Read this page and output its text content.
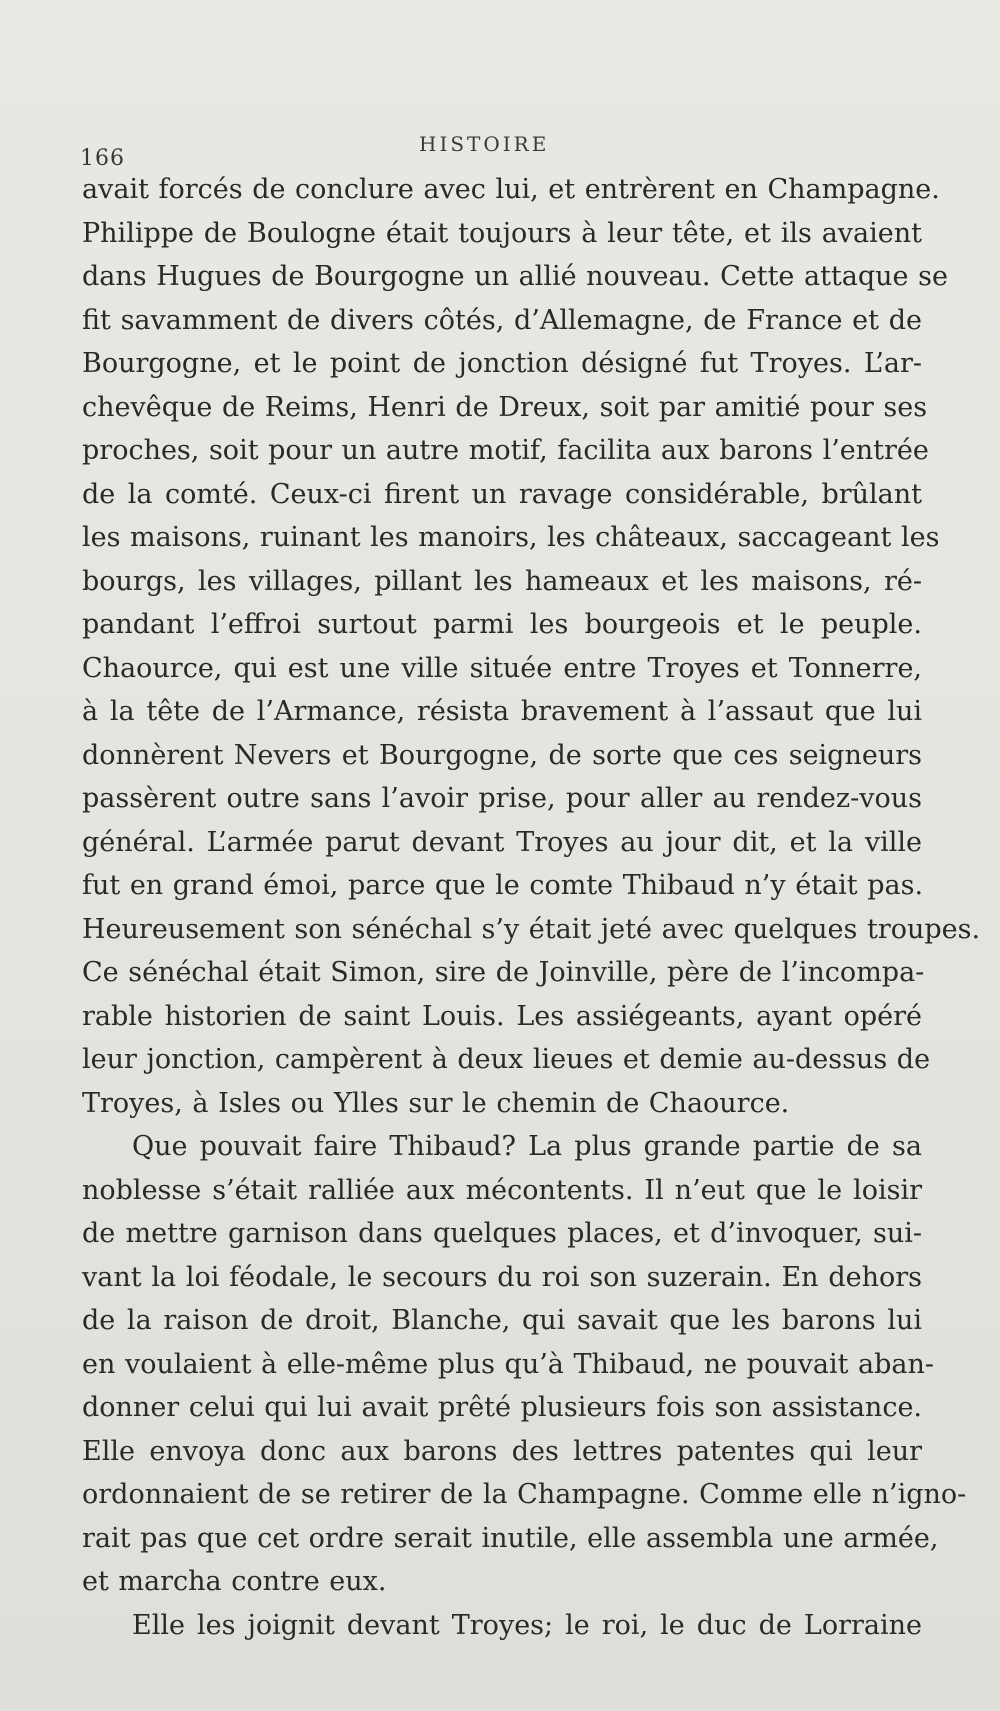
166
HISTOIRE
avait forcés de conclure avec lui, et entrèrent en Champagne.
Philippe de Boulogne était toujours à leur tête, et ils avaient
dans Hugues de Bourgogne un allié nouveau. Cette attaque se
fit savamment de divers côtés, d’Allemagne, de France et de
Bourgogne, et le point de jonction désigné fut Troyes. L’ar-
chevêque de Reims, Henri de Dreux, soit par amitié pour ses
proches, soit pour un autre motif, facilita aux barons l’entrée
de la comté. Ceux-ci firent un ravage considérable, brûlant
les maisons, ruinant les manoirs, les châteaux, saccageant les
bourgs, les villages, pillant les hameaux et les maisons, ré-
pandant l’effroi surtout parmi les bourgeois et le peuple.
Chaource, qui est une ville située entre Troyes et Tonnerre,
à la tête de l’Armance, résista bravement à l’assaut que lui
donnèrent Nevers et Bourgogne, de sorte que ces seigneurs
passèrent outre sans l’avoir prise, pour aller au rendez-vous
général. L’armée parut devant Troyes au jour dit, et la ville
fut en grand émoi, parce que le comte Thibaud n’y était pas.
Heureusement son sénéchal s’y était jeté avec quelques troupes.
Ce sénéchal était Simon, sire de Joinville, père de l’incompa-
rable historien de saint Louis. Les assiégeants, ayant opéré
leur jonction, campèrent à deux lieues et demie au-dessus de
Troyes, à Isles ou Ylles sur le chemin de Chaource.
Que pouvait faire Thibaud? La plus grande partie de sa
noblesse s’était ralliée aux mécontents. Il n’eut que le loisir
de mettre garnison dans quelques places, et d’invoquer, sui-
vant la loi féodale, le secours du roi son suzerain. En dehors
de la raison de droit, Blanche, qui savait que les barons lui
en voulaient à elle-même plus qu’à Thibaud, ne pouvait aban-
donner celui qui lui avait prêté plusieurs fois son assistance.
Elle envoya donc aux barons des lettres patentes qui leur
ordonnaient de se retirer de la Champagne. Comme elle n’igno-
rait pas que cet ordre serait inutile, elle assembla une armée,
et marcha contre eux.
Elle les joignit devant Troyes; le roi, le duc de Lorraine
